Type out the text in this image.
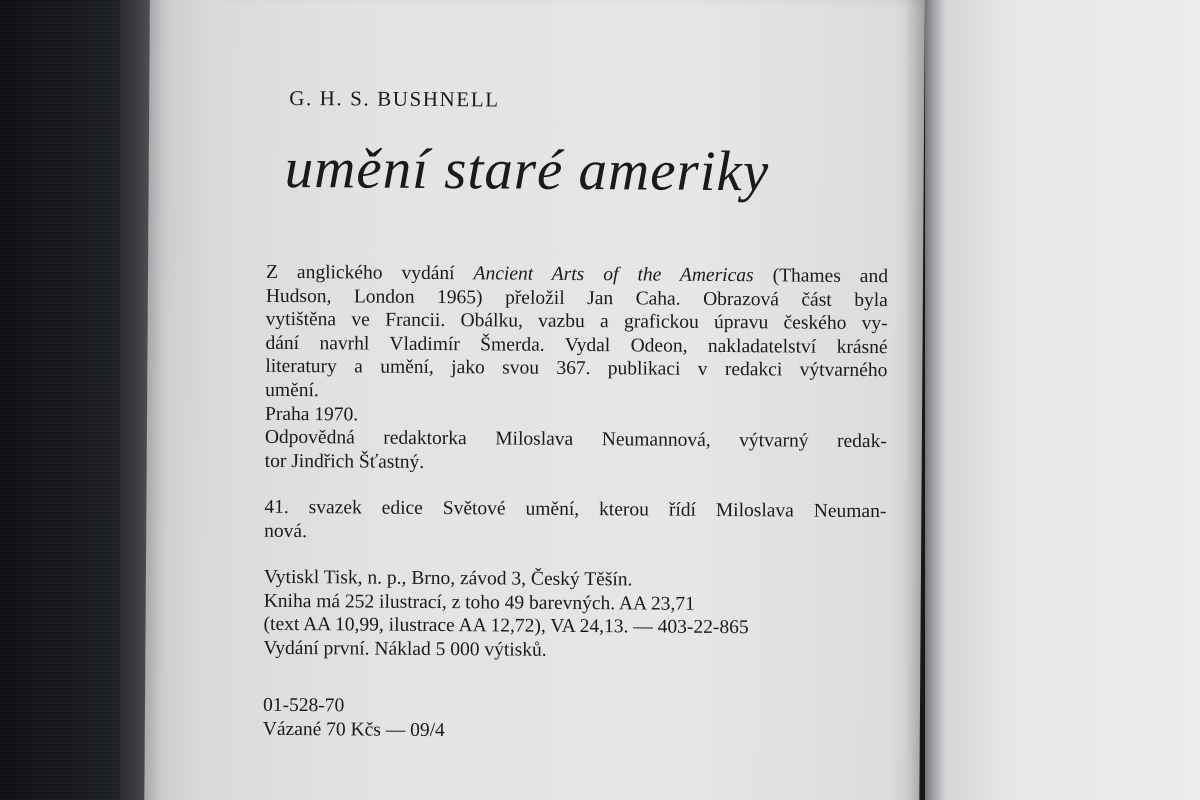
G. H. S. BUSHNELL
umění staré ameriky
Z anglického vydání Ancient Arts of the Americas (Thames and
Hudson, London 1965) přeložil Jan Caha. Obrazová část byla
vytištěna ve Francii. Obálku, vazbu a grafickou úpravu českého vy-
dání navrhl Vladimír Šmerda. Vydal Odeon, nakladatelství krásné
literatury a umění, jako svou 367. publikaci v redakci výtvarného
umění.
Praha 1970.
Odpovědná redaktorka Miloslava Neumannová, výtvarný redak-
tor Jindřich Šťastný.
41. svazek edice Světové umění, kterou řídí Miloslava Neuman-
nová.
Vytiskl Tisk, n. p., Brno, závod 3, Český Těšín.
Kniha má 252 ilustrací, z toho 49 barevných. AA 23,71
(text AA 10,99, ilustrace AA 12,72), VA 24,13. — 403-22-865
Vydání první. Náklad 5 000 výtisků.
01-528-70
Vázané 70 Kčs — 09/4
